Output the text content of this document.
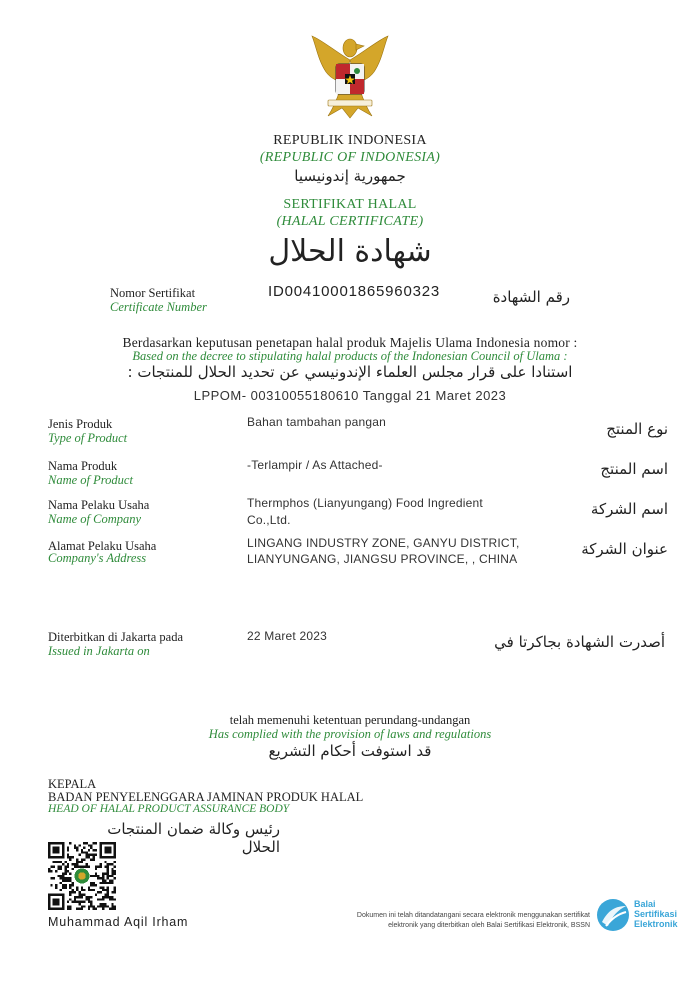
REPUBLIK INDONESIA
(REPUBLIC OF INDONESIA)
جمهورية إندونيسيا
SERTIFIKAT HALAL
(HALAL CERTIFICATE)
شهادة الحلال
Nomor Sertifikat
Certificate Number
ID00410001865960323	رقم الشهادة
Berdasarkan keputusan penetapan halal produk Majelis Ulama Indonesia nomor :
Based on the decree to stipulating halal products of the Indonesian Council of Ulama :
استنادا على قرار مجلس العلماء الإندونيسي عن تحديد الحلال للمنتجات :
LPPOM- 00310055180610 Tanggal 21 Maret 2023
Jenis Produk
Type of Product
Bahan tambahan pangan	نوع المنتج
Nama Produk
Name of Product
-Terlampir / As Attached-	اسم المنتج
Nama Pelaku Usaha
Name of Company
Thermphos (Lianyungang) Food Ingredient
Co.,Ltd.
اسم الشركة
Alamat Pelaku Usaha
Company's Address
LINGANG INDUSTRY ZONE, GANYU DISTRICT,
LIANYUNGANG, JIANGSU PROVINCE, , CHINA
عنوان الشركة
Diterbitkan di Jakarta pada
Issued in Jakarta on
22 Maret 2023	أصدرت الشهادة بجاكرتا في
telah memenuhi ketentuan perundang-undangan
Has complied with the provision of laws and regulations
قد استوفت أحكام التشريع
KEPALA
BADAN PENYELENGGARA JAMINAN PRODUK HALAL
HEAD OF HALAL PRODUCT ASSURANCE BODY
رئيس وكالة ضمان المنتجات الحلال
Muhammad Aqil Irham	Dokumen ini telah ditandatangani secara elektronik menggunakan sertifikat
elektronik yang diterbitkan oleh Balai Sertifikasi Elektronik, BSSN
Balai
Sertifikasi
Elektronik
